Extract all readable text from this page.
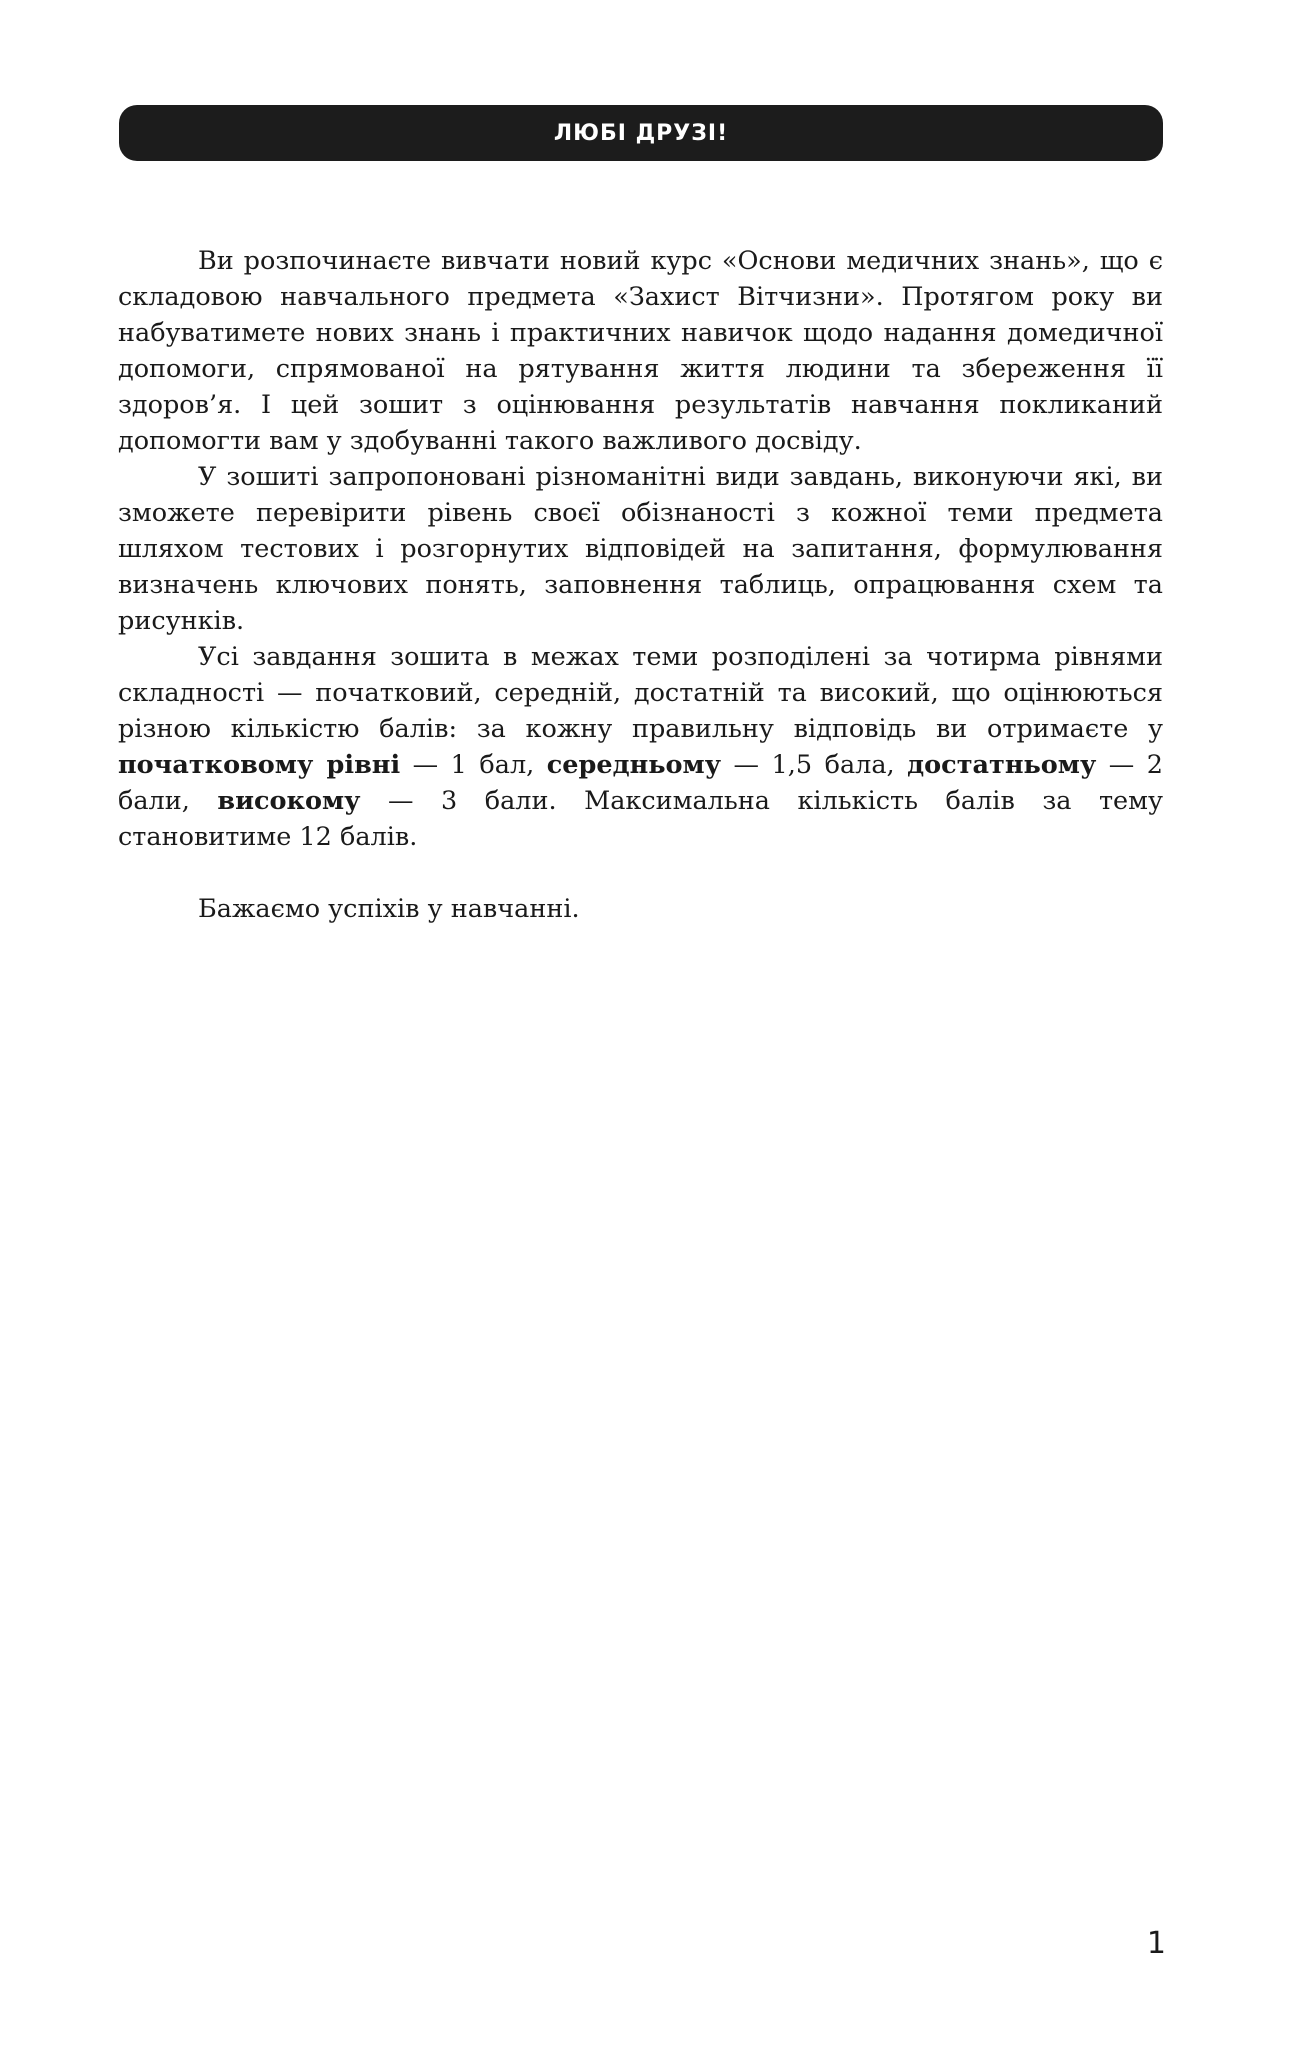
ЛЮБІ ДРУЗІ!

Ви розпочинаєте вивчати новий курс «Основи медичних знань», що є складовою навчального предмета «Захист Вітчизни». Протягом року ви набуватимете нових знань і практичних навичок щодо надання домедичної допомоги, спрямованої на рятування життя людини та збереження її здоров’я. І цей зошит з оцінювання результатів навчання покликаний допомогти вам у здобуванні такого важливого досвіду.

У зошиті запропоновані різноманітні види завдань, виконуючи які, ви зможете перевірити рівень своєї обізнаності з кожної теми предмета шляхом тестових і розгорнутих відповідей на запитання, формулювання визначень ключових понять, заповнення таблиць, опрацювання схем та рисунків.

Усі завдання зошита в межах теми розподілені за чотирма рівнями складності — початковий, середній, достатній та високий, що оцінюються різною кількістю балів: за кожну правильну відповідь ви отримаєте у початковому рівні — 1 бал, середньому — 1,5 бала, достатньому — 2 бали, високому — 3 бали. Максимальна кількість балів за тему становитиме 12 балів.

Бажаємо успіхів у навчанні.

1
